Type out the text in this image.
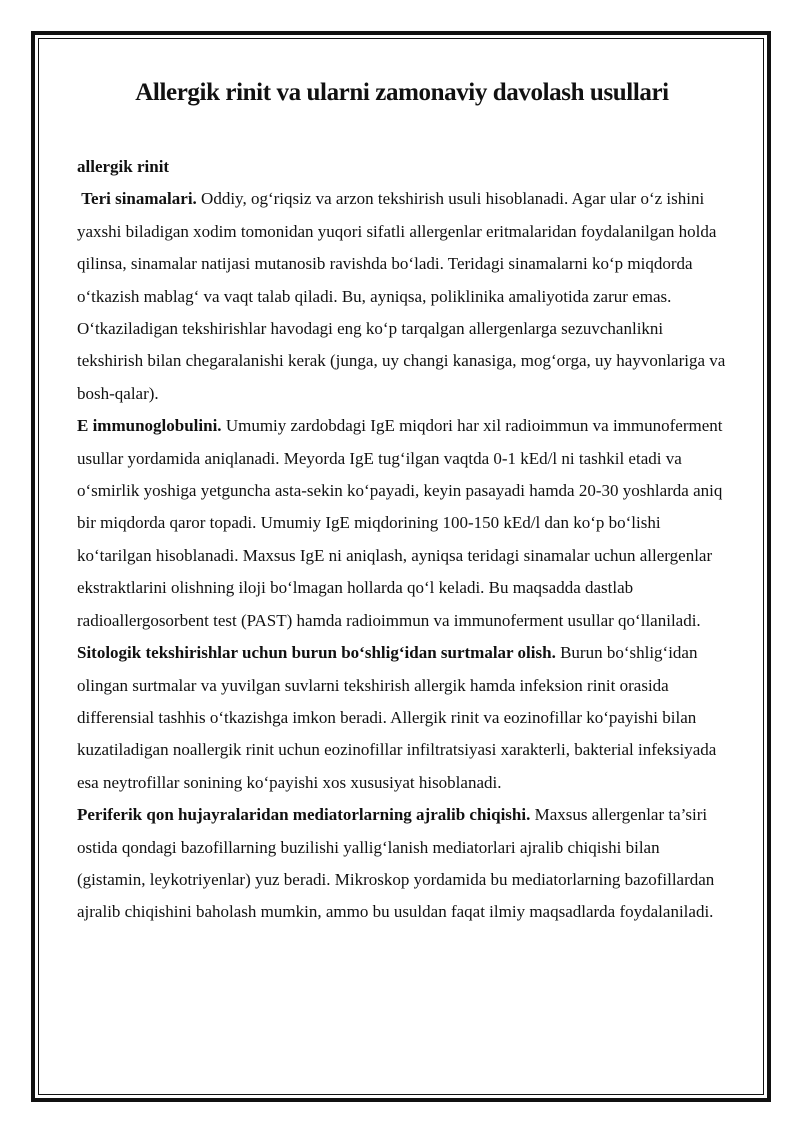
Allergik rinit va ularni zamonaviy davolash usullari

allergik rinit

Teri sinamalari. Oddiy, og‘riqsiz va arzon tekshirish usuli hisoblanadi. Agar ular o‘z ishini yaxshi biladigan xodim tomonidan yuqori sifatli allergenlar eritmalaridan foydalanilgan holda qilinsa, sinamalar natijasi mutanosib ravishda bo‘ladi. Teridagi sinamalarni ko‘p miqdorda o‘tkazish mablag‘ va vaqt talab qiladi. Bu, ayniqsa, poliklinika amaliyotida zarur emas. O‘tkaziladigan tekshirishlar havodagi eng ko‘p tarqalgan allergenlarga sezuvchanlikni tekshirish bilan chegaralanishi kerak (junga, uy changi kanasiga, mog‘orga, uy hayvonlariga va bosh-qalar).

E immunoglobulini. Umumiy zardobdagi IgE miqdori har xil radioimmun va immunoferment usullar yordamida aniqlanadi. Meyorda IgE tug‘ilgan vaqtda 0-1 kEd/l ni tashkil etadi va o‘smirlik yoshiga yetguncha asta-sekin ko‘payadi, keyin pasayadi hamda 20-30 yoshlarda aniq bir miqdorda qaror topadi. Umumiy IgE miqdorining 100-150 kEd/l dan ko‘p bo‘lishi ko‘tarilgan hisoblanadi. Maxsus IgE ni aniqlash, ayniqsa teridagi sinamalar uchun allergenlar ekstraktlarini olishning iloji bo‘lmagan hollarda qo‘l keladi. Bu maqsadda dastlab radioallergosorbent test (PAST) hamda radioimmun va immunoferment usullar qo‘llaniladi.

Sitologik tekshirishlar uchun burun bo‘shlig‘idan surtmalar olish. Burun bo‘shlig‘idan olingan surtmalar va yuvilgan suvlarni tekshirish allergik hamda infeksion rinit orasida differensial tashhis o‘tkazishga imkon beradi. Allergik rinit va eozinofillar ko‘payishi bilan kuzatiladigan noallergik rinit uchun eozinofillar infiltratsiyasi xarakterli, bakterial infeksiyada esa neytrofillar sonining ko‘payishi xos xususiyat hisoblanadi.

Periferik qon hujayralaridan mediatorlarning ajralib chiqishi. Maxsus allergenlar ta’siri ostida qondagi bazofillarning buzilishi yallig‘lanish mediatorlari ajralib chiqishi bilan (gistamin, leykotriyenlar) yuz beradi. Mikroskop yordamida bu mediatorlarning bazofillardan ajralib chiqishini baholash mumkin, ammo bu usuldan faqat ilmiy maqsadlarda foydalaniladi.
